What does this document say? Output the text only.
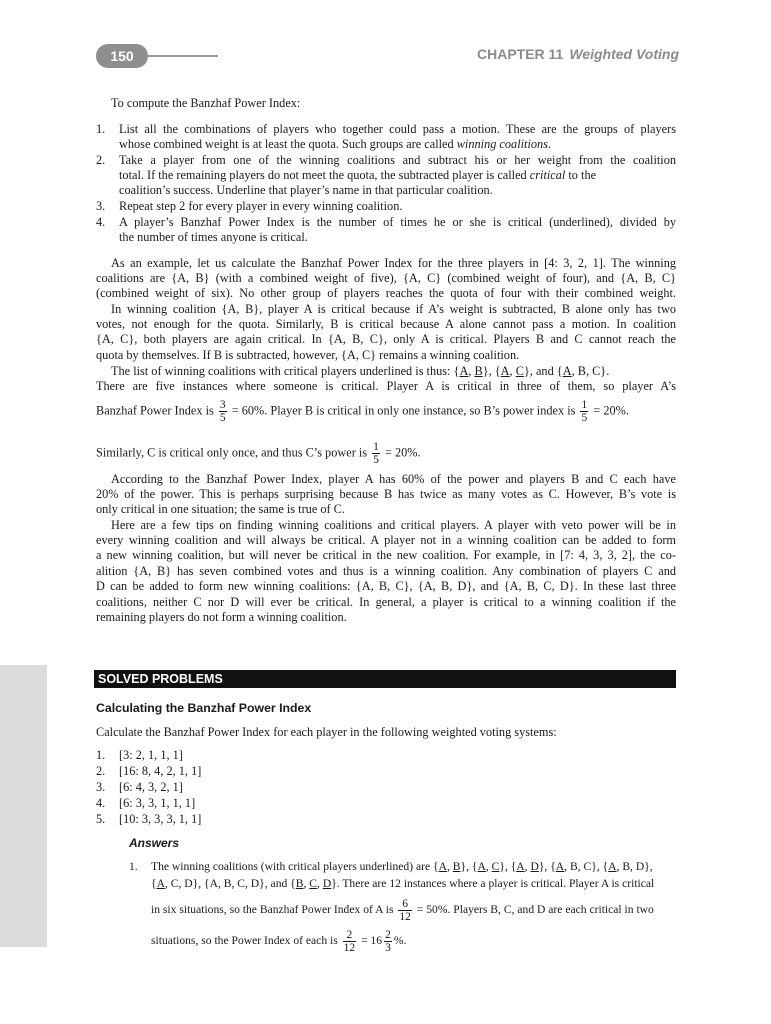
150	CHAPTER 11 Weighted Voting
To compute the Banzhaf Power Index:
1. List all the combinations of players who together could pass a motion. These are the groups of players
whose combined weight is at least the quota. Such groups are called winning coalitions.
2. Take a player from one of the winning coalitions and subtract his or her weight from the coalition
total. If the remaining players do not meet the quota, the subtracted player is called critical to the
coalition’s success. Underline that player’s name in that particular coalition.
3. Repeat step 2 for every player in every winning coalition.
4. A player’s Banzhaf Power Index is the number of times he or she is critical (underlined), divided by
the number of times anyone is critical.
As an example, let us calculate the Banzhaf Power Index for the three players in [4: 3, 2, 1]. The winning
coalitions are {A, B} (with a combined weight of five), {A, C} (combined weight of four), and {A, B, C}
(combined weight of six). No other group of players reaches the quota of four with their combined weight.
In winning coalition {A, B}, player A is critical because if A’s weight is subtracted, B alone only has two
votes, not enough for the quota. Similarly, B is critical because A alone cannot pass a motion. In coalition
{A, C}, both players are again critical. In {A, B, C}, only A is critical. Players B and C cannot reach the
quota by themselves. If B is subtracted, however, {A, C} remains a winning coalition.
The list of winning coalitions with critical players underlined is thus: {A, B}, {A, C}, and {A, B, C}.
There are five instances where someone is critical. Player A is critical in three of them, so player A’s
Banzhaf Power Index is $\frac{3}{5} = 60\%$. Player B is critical in only one instance, so B’s power index is $\frac{1}{5} = 20\%$.
Similarly, C is critical only once, and thus C’s power is $\frac{1}{5} = 20\%$.
According to the Banzhaf Power Index, player A has 60% of the power and players B and C each have
20% of the power. This is perhaps surprising because B has twice as many votes as C. However, B’s vote is
only critical in one situation; the same is true of C.
Here are a few tips on finding winning coalitions and critical players. A player with veto power will be in
every winning coalition and will always be critical. A player not in a winning coalition can be added to form
a new winning coalition, but will never be critical in the new coalition. For example, in [7: 4, 3, 3, 2], the co-
alition {A, B} has seven combined votes and thus is a winning coalition. Any combination of players C and
D can be added to form new winning coalitions: {A, B, C}, {A, B, D}, and {A, B, C, D}. In these last three
coalitions, neither C nor D will ever be critical. In general, a player is critical to a winning coalition if the
remaining players do not form a winning coalition.
SOLVED PROBLEMS
Calculating the Banzhaf Power Index
Calculate the Banzhaf Power Index for each player in the following weighted voting systems:
1. [3: 2, 1, 1, 1]
2. [16: 8, 4, 2, 1, 1]
3. [6: 4, 3, 2, 1]
4. [6: 3, 3, 1, 1, 1]
5. [10: 3, 3, 3, 1, 1]
Answers
1. The winning coalitions (with critical players underlined) are {A, B}, {A, C}, {A, D}, {A, B, C}, {A, B, D},
{A, C, D}, {A, B, C, D}, and {B, C, D}. There are 12 instances where a player is critical. Player A is critical
in six situations, so the Banzhaf Power Index of A is $\frac{6}{12} = 50\%$. Players B, C, and D are each critical in two
situations, so the Power Index of each is $\frac{2}{12} = 16 \frac{2}{3}$ %.
